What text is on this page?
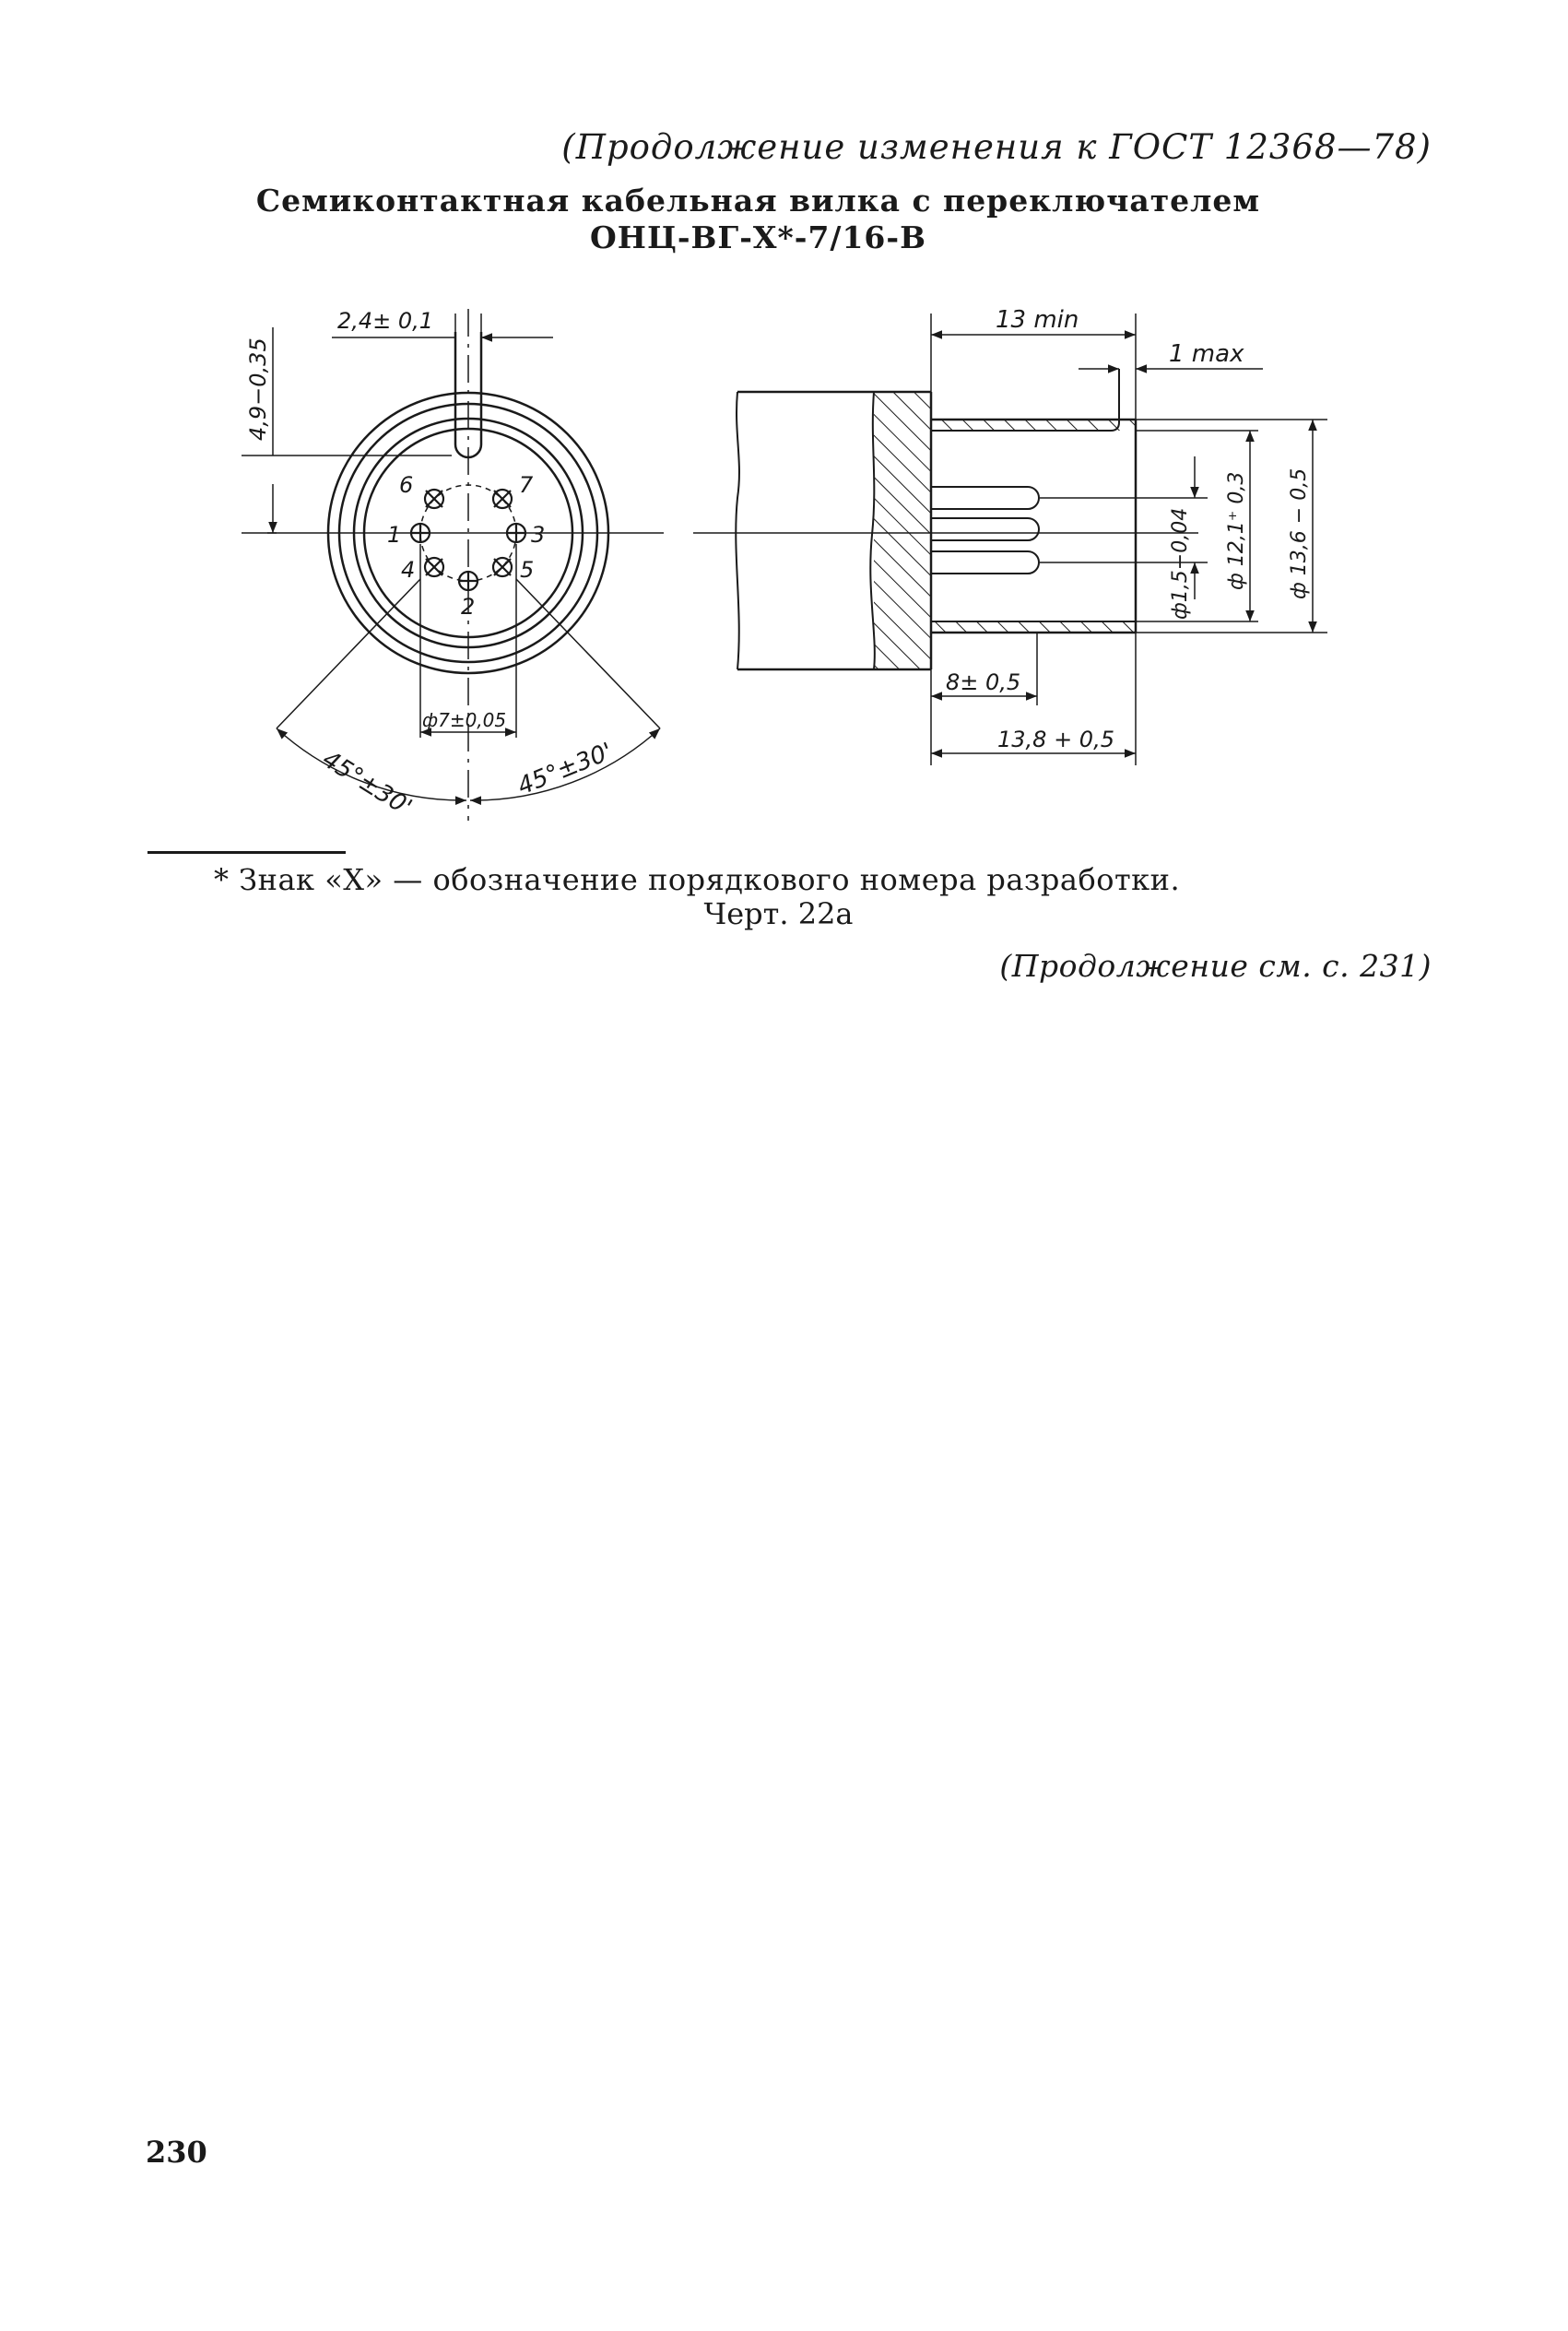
(Продолжение изменения к ГОСТ 12368—78)
Семиконтактная кабельная вилка с переключателем
ОНЦ-ВГ-Х*-7/16-В
2,4± 0,1
4,9−0,35
ф7±0,05
45°±30'	45°±30'
1
2
3
4	5
6	7
13 min
1 max
ф1,5−0,04 ф 12,1⁺ 0,3 ф 13,6 − 0,5
8± 0,5
13,8 + 0,5
* Знак «Х» — обозначение порядкового номера разработки.
Черт. 22а
(Продолжение см. с. 231)
230
